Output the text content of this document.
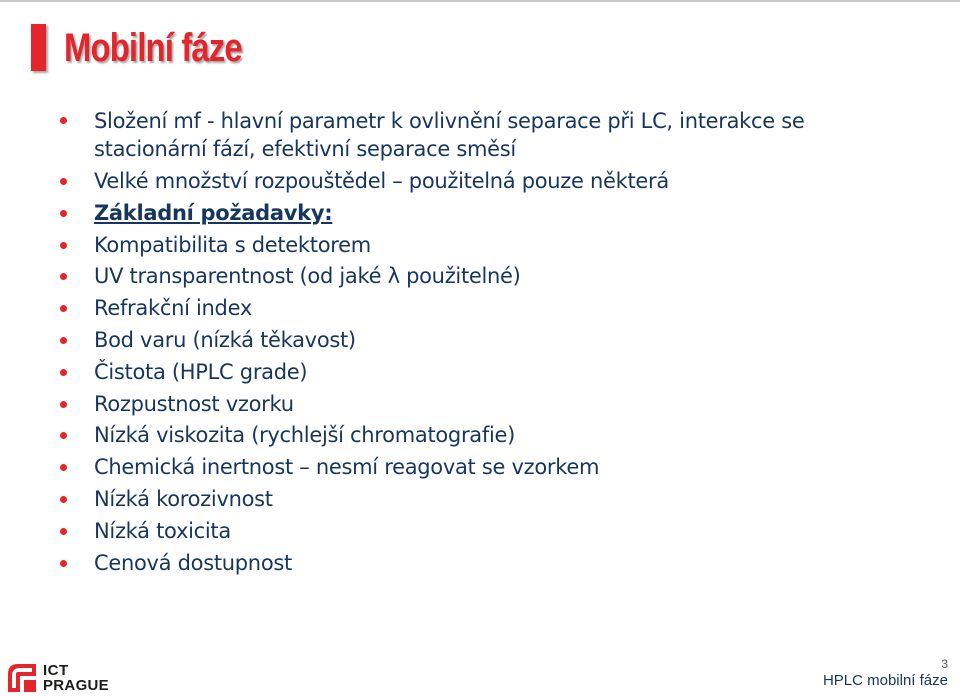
Mobilní fáze
Složení mf - hlavní parametr k ovlivnění separace při LC, interakce se stacionární fází, efektivní separace směsí
Velké množství rozpouštědel – použitelná pouze některá
Základní požadavky:
Kompatibilita s detektorem
UV transparentnost (od jaké λ použitelné)
Refrakční index
Bod varu (nízká těkavost)
Čistota (HPLC grade)
Rozpustnost vzorku
Nízká viskozita (rychlejší chromatografie)
Chemická inertnost – nesmí reagovat se vzorkem
Nízká korozivnost
Nízká toxicita
Cenová dostupnost
ICT
PRAGUE
3
HPLC mobilní fáze
